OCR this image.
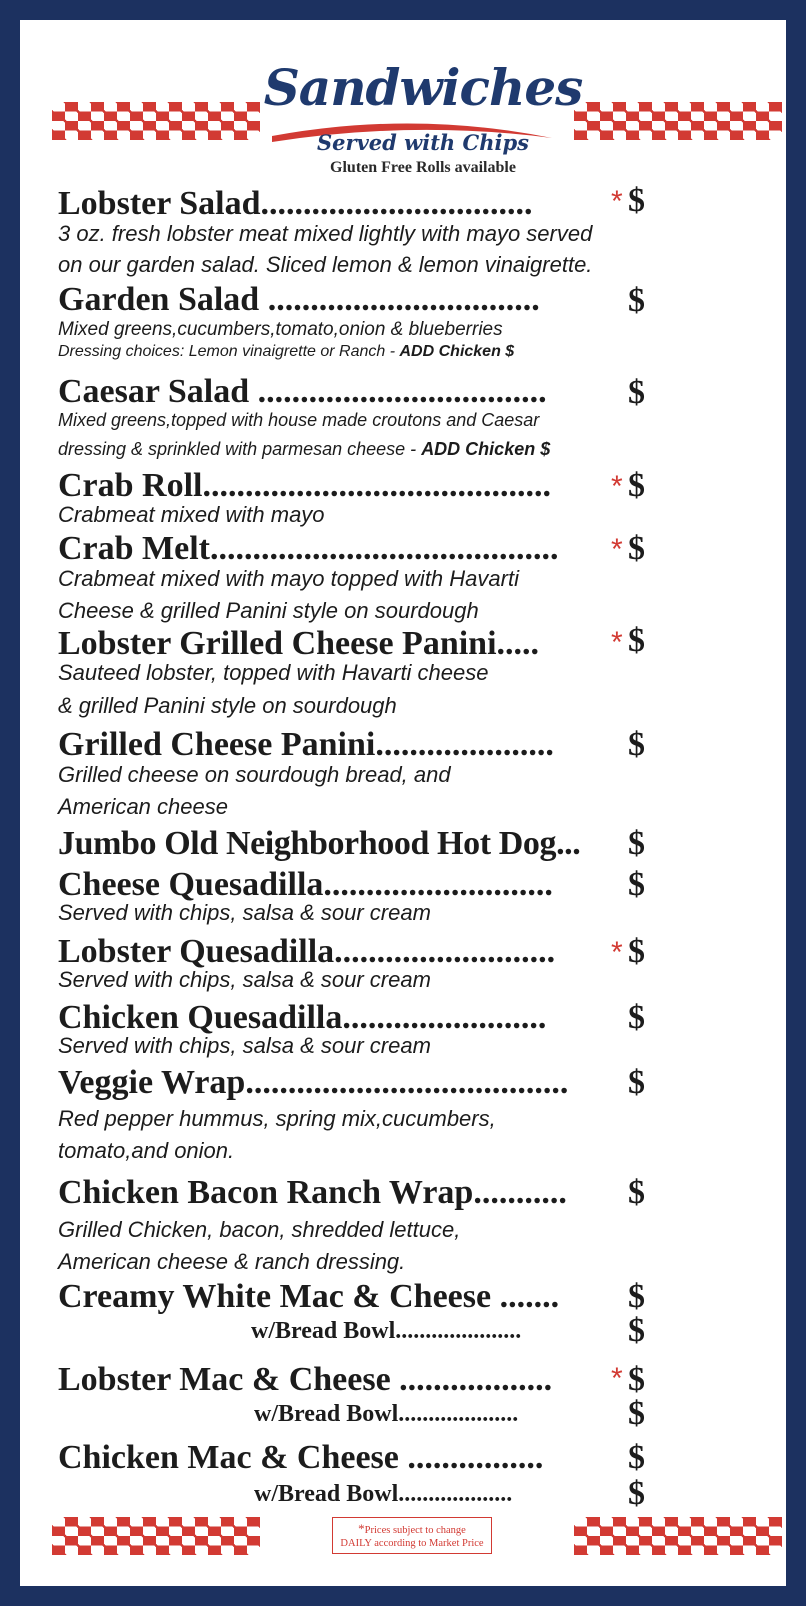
Sandwiches
Served with Chips
Gluten Free Rolls available
Lobster Salad................................	* $
3 oz. fresh lobster meat mixed lightly with mayo served
on our garden salad. Sliced lemon & lemon vinaigrette.
Garden Salad ................................	$
Mixed greens,cucumbers,tomato,onion & blueberries
Dressing choices: Lemon vinaigrette or Ranch - ADD Chicken $
Caesar Salad .................................. $
Mixed greens,topped with house made croutons and Caesar
dressing & sprinkled with parmesan cheese - ADD Chicken $
Crab Roll......................................... * $
Crabmeat mixed with mayo
Crab Melt......................................... * $
Crabmeat mixed with mayo topped with Havarti
Cheese & grilled Panini style on sourdough
Lobster Grilled Cheese Panini..... * $
Sauteed lobster, topped with Havarti cheese
& grilled Panini style on sourdough
Grilled Cheese Panini..................... $
Grilled cheese on sourdough bread, and
American cheese
Jumbo Old Neighborhood Hot Dog... $
Cheese Quesadilla........................... $
Served with chips, salsa & sour cream
Lobster Quesadilla.......................... * $
Served with chips, salsa & sour cream
Chicken Quesadilla........................ $
Served with chips, salsa & sour cream
Veggie Wrap...................................... $
Red pepper hummus, spring mix,cucumbers,
tomato,and onion.
Chicken Bacon Ranch Wrap........... $
Grilled Chicken, bacon, shredded lettuce,
American cheese & ranch dressing.
Creamy White Mac & Cheese ....... $
w/Bread Bowl.....................	$
Lobster Mac & Cheese .................. * $
w/Bread Bowl....................	$
Chicken Mac & Cheese ................ $
w/Bread Bowl...................	$
*Prices subject to change
DAILY according to Market Price
